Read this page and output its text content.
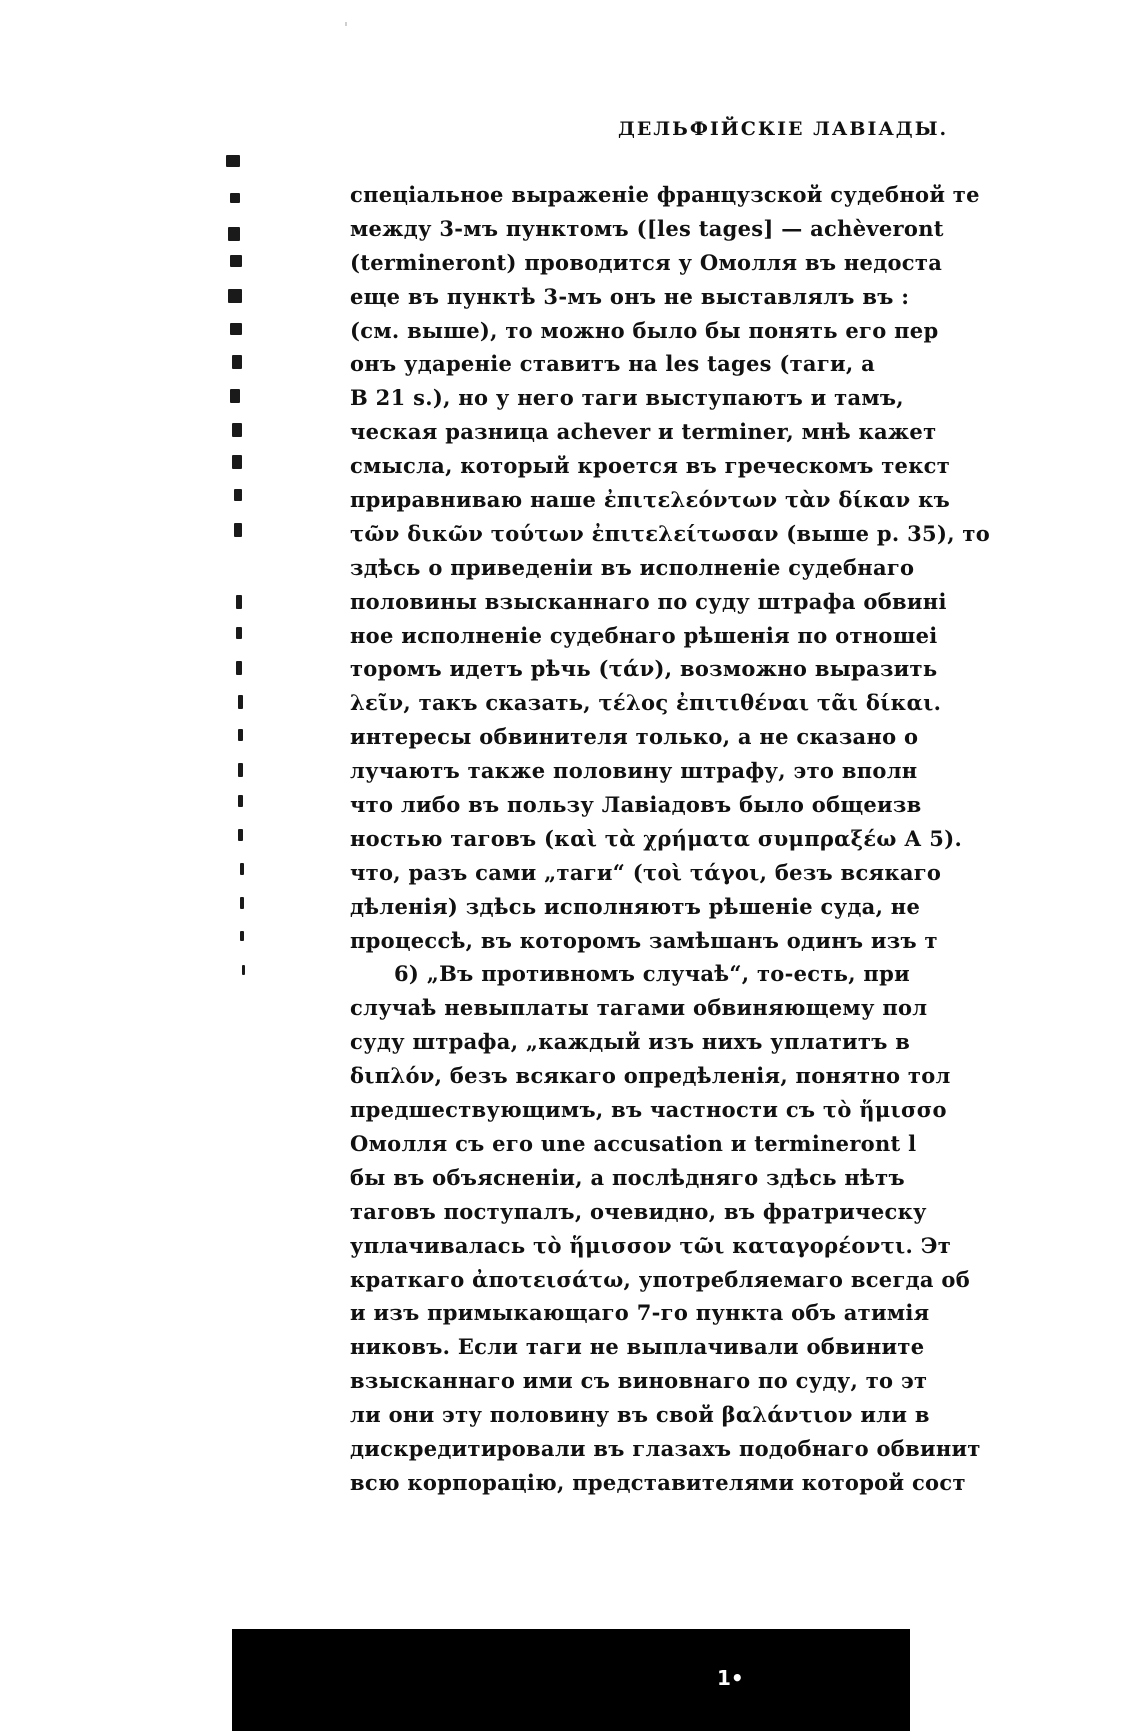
ДЕЛЬФІЙСКІЕ ЛАВІАДЫ.
спеціальное выраженіе французской судебной те
между 3-мъ пунктомъ ([les tages] — achèveront
(termineront) проводится у Омолля въ недоста
еще въ пунктѣ 3-мъ онъ не выставлялъ въ :
(см. выше), то можно было бы понять его пер
онъ удареніе ставитъ на les tages (таги, а
B 21 s.), но у него таги выступаютъ и тамъ,
ческая разница achever и terminer, мнѣ кажет
смысла, который кроется въ греческомъ текст
приравниваю наше ἐπιτελεόντων τὰν δίκαν къ
τῶν δικῶν τούτων ἐπιτελείτωσαν (выше р. 35), то
здѣсь о приведеніи въ исполненіе судебнаго
половины взысканнаго по суду штрафа обвині
ное исполненіе судебнаго рѣшенія по отношеі
торомъ идетъ рѣчь (τάν), возможно выразить
λεῖν, такъ сказать, τέλος ἐπιτιθέναι τᾶι δίκαι.
интересы обвинителя только, а не сказано о
лучаютъ также половину штрафу, это вполн
что либо въ пользу Лавіадовъ было общеизв
ностью таговъ (καὶ τὰ χρήματα συμπραξέω А 5).
что, разъ сами „таги“ (τοὶ τάγοι, безъ всякаго
дѣленія) здѣсь исполняютъ рѣшеніе суда, не
процессѣ, въ которомъ замѣшанъ одинъ изъ т
6) „Въ противномъ случаѣ“, то-есть, при
случаѣ невыплаты тагами обвиняющему пол
суду штрафа, „каждый изъ нихъ уплатитъ в
διπλόν, безъ всякаго опредѣленія, понятно тол
предшествующимъ, въ частности съ τὸ ἥμισσο
Омолля съ его une accusation и termineront l
бы въ объясненіи, а послѣдняго здѣсь нѣтъ
таговъ поступалъ, очевидно, въ фратрическу
уплачивалась τὸ ἥμισσον τῶι καταγορέοντι. Эт
краткаго ἀποτεισάτω, употребляемаго всегда об
и изъ примыкающаго 7-го пункта объ атимія
никовъ. Если таги не выплачивали обвините
взысканнаго ими съ виновнаго по суду, то эт
ли они эту половину въ свой βαλάντιον или в
дискредитировали въ глазахъ подобнаго обвинит
всю корпорацію, представителями которой сост
1•
